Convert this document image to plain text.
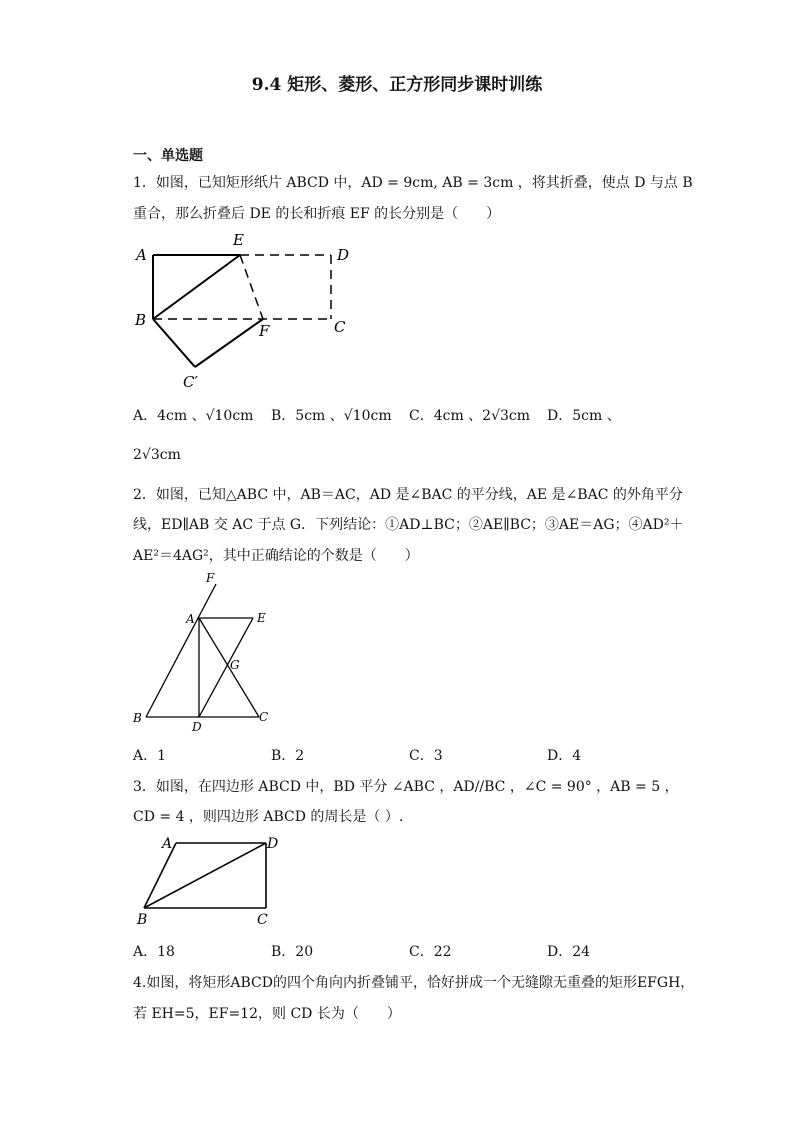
9.4 矩形、菱形、正方形同步课时训练
一、单选题
1．如图，已知矩形纸片 ABCD 中，AD = 9cm, AB = 3cm ，将其折叠，使点 D 与点 B
重合，那么折叠后 DE 的长和折痕 EF 的长分别是（　　）
A
E
D
B
F	C
C′
A．4cm 、√10cm B．5cm 、√10cm C．4cm 、2√3cm D．5cm 、
2√3cm
2．如图，已知△ABC 中，AB＝AC，AD 是∠BAC 的平分线，AE 是∠BAC 的外角平分
线，ED∥AB 交 AC 于点 G．下列结论：①AD⊥BC；②AE∥BC；③AE＝AG；④AD²＋
AE²＝4AG²，其中正确结论的个数是（　　）
F
A	E
G
B
D
C
A．1	B．2	C．3	D．4
3．如图，在四边形 ABCD 中，BD 平分 ∠ABC ，AD//BC ，∠C = 90° ，AB = 5 ，
CD = 4 ，则四边形 ABCD 的周长是（ ）.
A	D
B	C
A．18	B．20	C．22	D．24
4.如图，将矩形ABCD的四个角向内折叠铺平，恰好拼成一个无缝隙无重叠的矩形EFGH，
若 EH=5，EF=12，则 CD 长为（　　）
